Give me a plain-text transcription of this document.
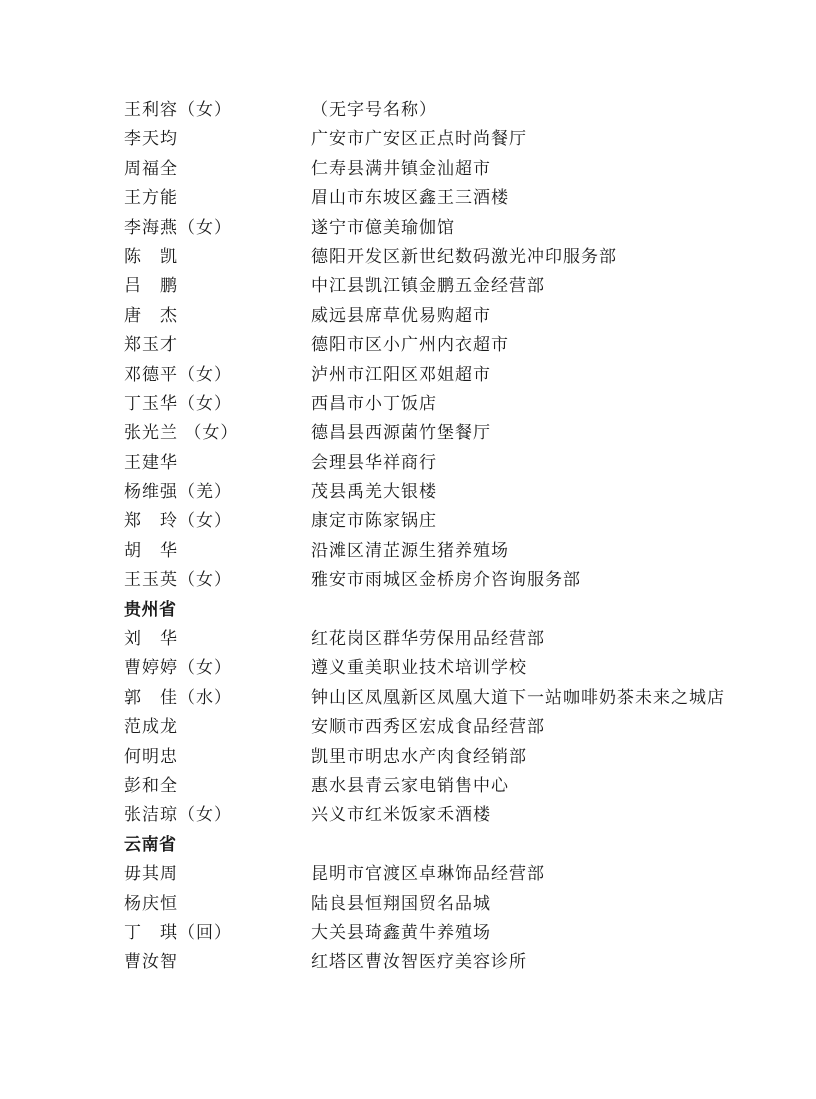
王利容（女）	（无字号名称）
李天均	广安市广安区正点时尚餐厅
周福全	仁寿县满井镇金汕超市
王方能	眉山市东坡区鑫王三酒楼
李海燕（女）	遂宁市億美瑜伽馆
陈　凯	德阳开发区新世纪数码激光冲印服务部
吕　鹏	中江县凯江镇金鹏五金经营部
唐　杰	威远县席草优易购超市
郑玉才	德阳市区小广州内衣超市
邓德平（女）	泸州市江阳区邓姐超市
丁玉华（女）	西昌市小丁饭店
张光兰 （女）	德昌县西源菌竹堡餐厅
王建华	会理县华祥商行
杨维强（羌）	茂县禹羌大银楼
郑　玲（女）	康定市陈家锅庄
胡　华	沿滩区清芷源生猪养殖场
王玉英（女）	雅安市雨城区金桥房介咨询服务部
贵州省
刘　华	红花岗区群华劳保用品经营部
曹婷婷（女）	遵义重美职业技术培训学校
郭　佳（水）	钟山区凤凰新区凤凰大道下一站咖啡奶茶未来之城店
范成龙	安顺市西秀区宏成食品经营部
何明忠	凯里市明忠水产肉食经销部
彭和全	惠水县青云家电销售中心
张洁琼（女）	兴义市红米饭家禾酒楼
云南省
毋其周	昆明市官渡区卓琳饰品经营部
杨庆恒	陆良县恒翔国贸名品城
丁　琪（回）	大关县琦鑫黄牛养殖场
曹汝智	红塔区曹汝智医疗美容诊所
